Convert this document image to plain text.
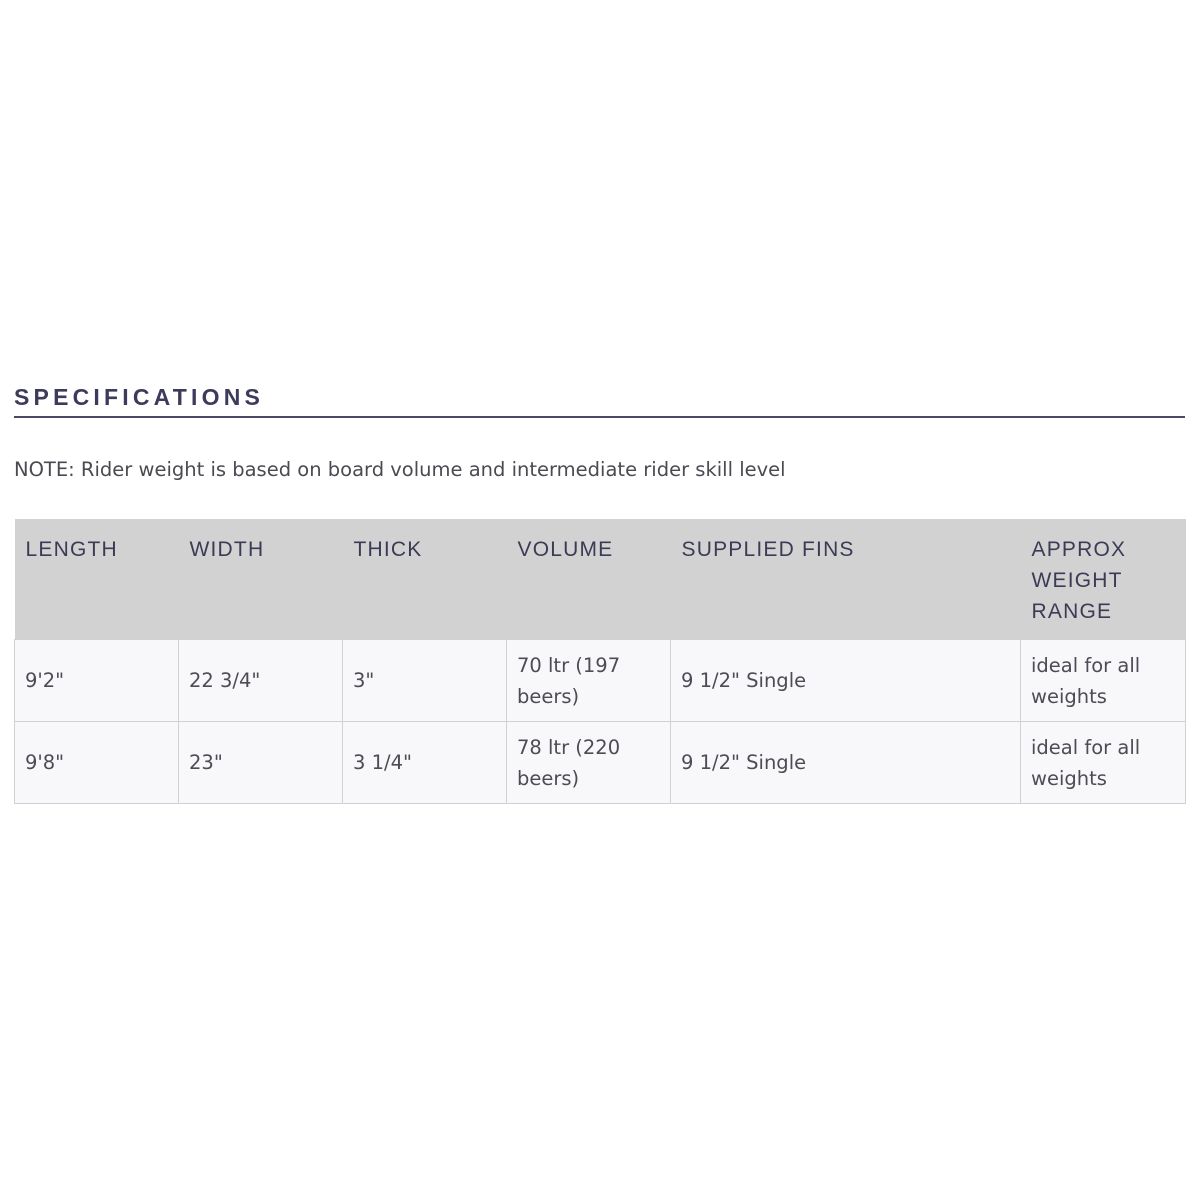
SPECIFICATIONS

NOTE: Rider weight is based on board volume and intermediate rider skill level

LENGTH	WIDTH	THICK	VOLUME	SUPPLIED FINS	APPROX WEIGHT RANGE
9'2"	22 3/4"	3"	70 ltr (197 beers)	9 1/2" Single	ideal for all weights
9'8"	23"	3 1/4"	78 ltr (220 beers)	9 1/2" Single	ideal for all weights
